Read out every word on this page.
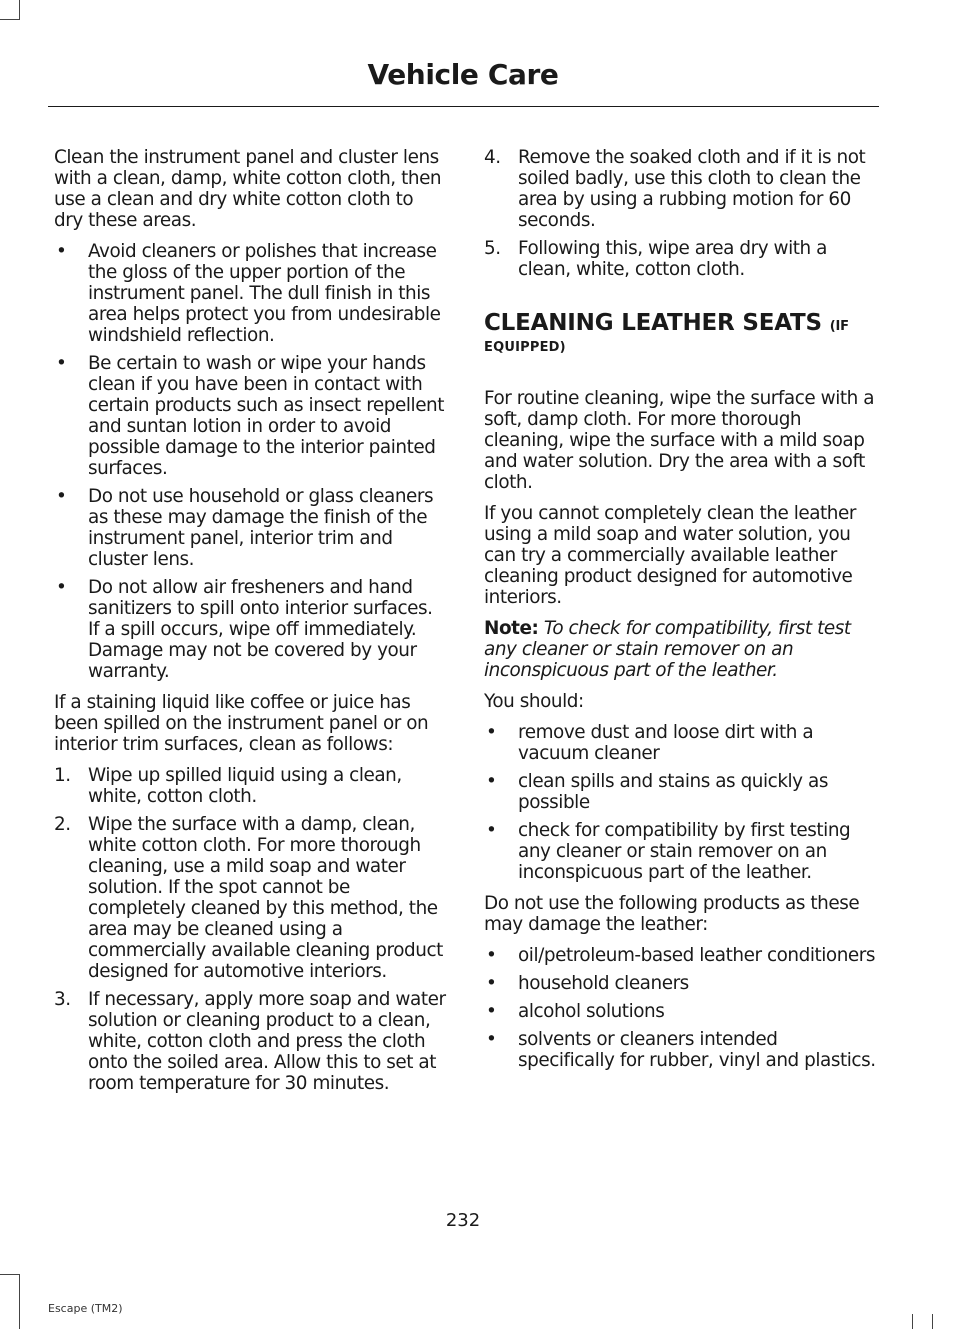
Vehicle Care

Clean the instrument panel and cluster lens with a clean, damp, white cotton cloth, then use a clean and dry white cotton cloth to dry these areas.

• Avoid cleaners or polishes that increase the gloss of the upper portion of the instrument panel. The dull finish in this area helps protect you from undesirable windshield reflection.
• Be certain to wash or wipe your hands clean if you have been in contact with certain products such as insect repellent and suntan lotion in order to avoid possible damage to the interior painted surfaces.
• Do not use household or glass cleaners as these may damage the finish of the instrument panel, interior trim and cluster lens.
• Do not allow air fresheners and hand sanitizers to spill onto interior surfaces. If a spill occurs, wipe off immediately. Damage may not be covered by your warranty.

If a staining liquid like coffee or juice has been spilled on the instrument panel or on interior trim surfaces, clean as follows:

1. Wipe up spilled liquid using a clean, white, cotton cloth.
2. Wipe the surface with a damp, clean, white cotton cloth. For more thorough cleaning, use a mild soap and water solution. If the spot cannot be completely cleaned by this method, the area may be cleaned using a commercially available cleaning product designed for automotive interiors.
3. If necessary, apply more soap and water solution or cleaning product to a clean, white, cotton cloth and press the cloth onto the soiled area. Allow this to set at room temperature for 30 minutes.
4. Remove the soaked cloth and if it is not soiled badly, use this cloth to clean the area by using a rubbing motion for 60 seconds.
5. Following this, wipe area dry with a clean, white, cotton cloth.
CLEANING LEATHER SEATS (IF
EQUIPPED)

For routine cleaning, wipe the surface with a soft, damp cloth. For more thorough cleaning, wipe the surface with a mild soap and water solution. Dry the area with a soft cloth.

If you cannot completely clean the leather using a mild soap and water solution, you can try a commercially available leather cleaning product designed for automotive interiors.

Note: To check for compatibility, first test any cleaner or stain remover on an inconspicuous part of the leather.

You should:

• remove dust and loose dirt with a vacuum cleaner
• clean spills and stains as quickly as possible
• check for compatibility by first testing any cleaner or stain remover on an inconspicuous part of the leather.

Do not use the following products as these may damage the leather:

• oil/petroleum-based leather conditioners
• household cleaners
• alcohol solutions
• solvents or cleaners intended specifically for rubber, vinyl and plastics.
232
Escape (TM2)
